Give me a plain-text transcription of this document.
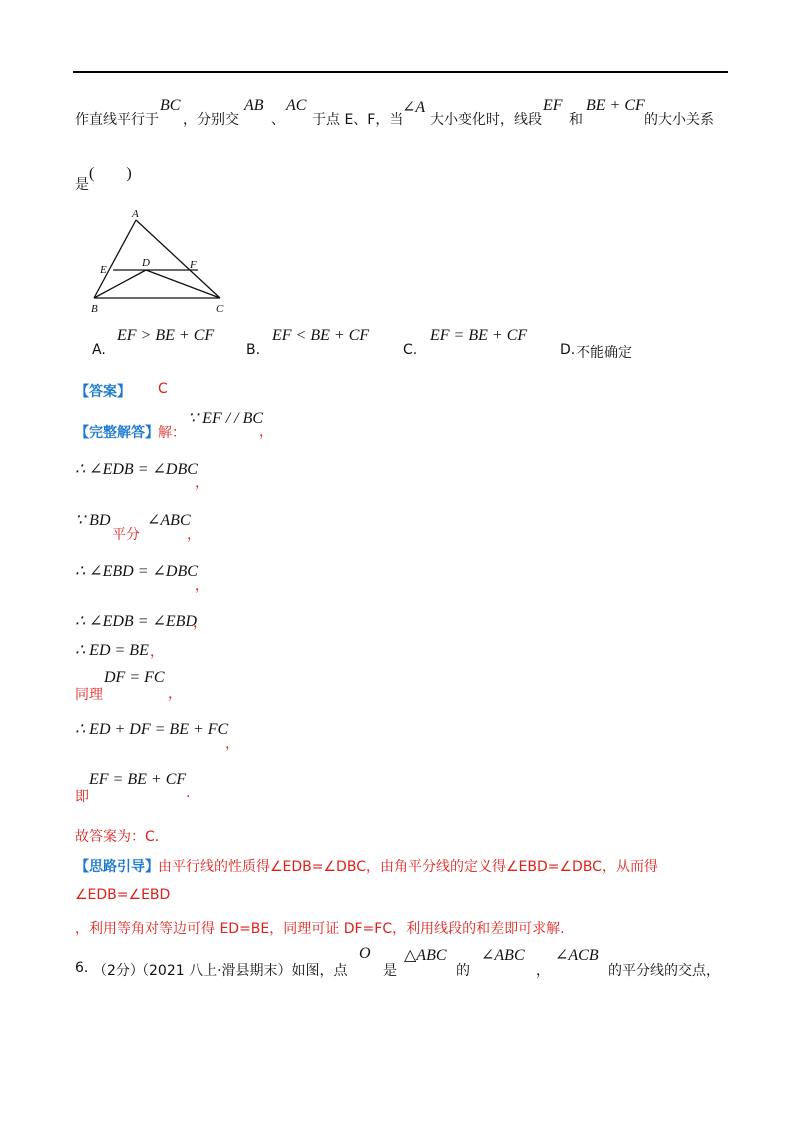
作直线平行于
BC
，分别交
AB
、
AC
于点 E、F，当
∠A
大小变化时，线段
EF
和
BE + CF
的大小关系
是
(　　)
A
E
D	F
B	C
A.
EF > BE + CF
B.
EF < BE + CF
C.
EF = BE + CF
D. 不能确定
【答案】 C
【完整解答】 解：
∵ EF / / BC
，
∴ ∠EDB = ∠DBC
，
∵ BD
平分
∠ABC
，
∴ ∠EBD = ∠DBC
，
∴ ∠EDB = ∠EBD
，
∴ ED = BE ，
同理
DF = FC
，
∴ ED + DF = BE + FC
，
即
EF = BE + CF
.
故答案为：C.
【思路引导】 由平行线的性质得∠EDB=∠DBC，由角平分线的定义得∠EBD=∠DBC，从而得
∠EDB=∠EBD
，利用等角对等边可得 ED=BE，同理可证 DF=FC，利用线段的和差即可求解.
6. （2分）
（2021 八上·滑县期末）如图，点
O
是
△ABC
的
∠ABC
，
∠ACB
的平分线的交点，
